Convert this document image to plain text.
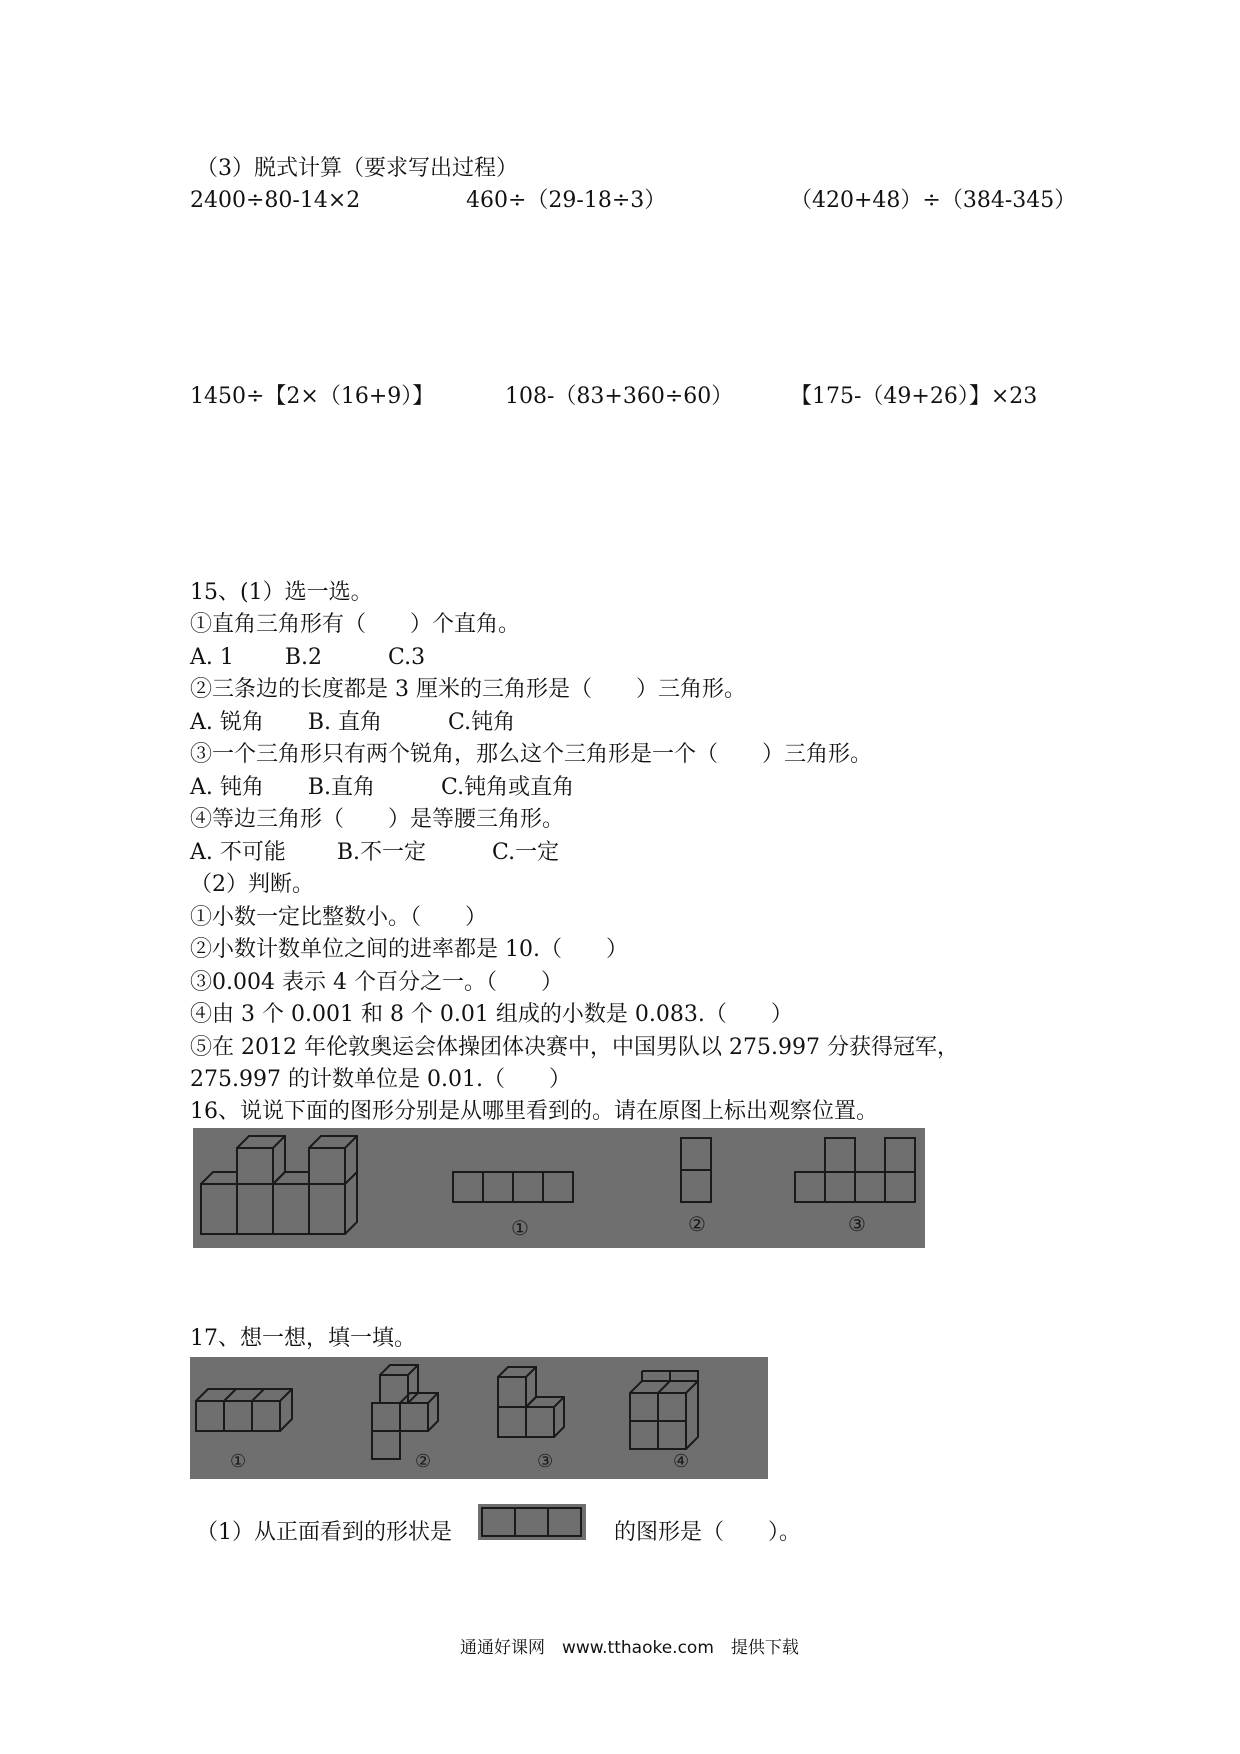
（3）脱式计算（要求写出过程）
2400÷80-14×2	460÷（29-18÷3）	（420+48）÷（384-345）
1450÷【2×（16+9）】	108-（83+360÷60）	【175-（49+26）】×23
15、(1）选一选。
①直角三角形有（　　）个直角。
A. 1　　 B.2　　　C.3
②三条边的长度都是 3 厘米的三角形是（　　）三角形。
A. 锐角　　B. 直角　　　C.钝角
③一个三角形只有两个锐角，那么这个三角形是一个（　　）三角形。
A. 钝角　　B.直角　　　C.钝角或直角
④等边三角形（　　）是等腰三角形。
A. 不可能　　 B.不一定　　　C.一定
（2）判断。
①小数一定比整数小。（　　）
②小数计数单位之间的进率都是 10.（　　）
③0.004 表示 4 个百分之一。（　　）
④由 3 个 0.001 和 8 个 0.01 组成的小数是 0.083.（　　）
⑤在 2012 年伦敦奥运会体操团体决赛中，中国男队以 275.997 分获得冠军，
275.997 的计数单位是 0.01.（　　）
16、说说下面的图形分别是从哪里看到的。请在原图上标出观察位置。
①	②	③
17、想一想，填一填。
①	②	③	④
（1）从正面看到的形状是	的图形是（　　）。
通通好课网　www.tthaoke.com　提供下载
